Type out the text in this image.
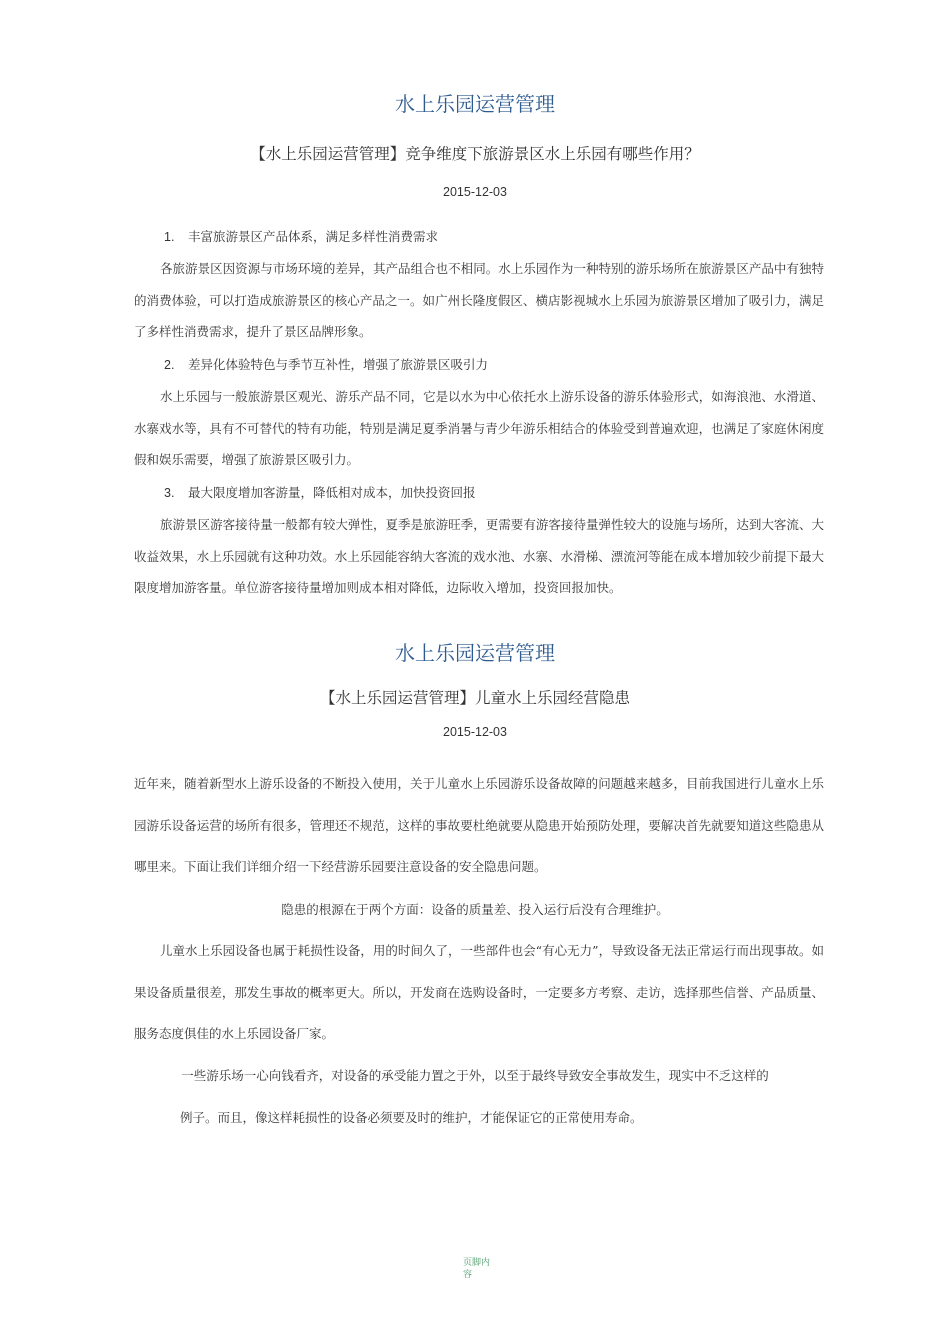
水上乐园运营管理
【水上乐园运营管理】竞争维度下旅游景区水上乐园有哪些作用？
2015-12-03
1. 丰富旅游景区产品体系，满足多样性消费需求
各旅游景区因资源与市场环境的差异，其产品组合也不相同。水上乐园作为一种特别的游乐场所在旅游景区产品中有独特的消费体验，可以打造成旅游景区的核心产品之一。如广州长隆度假区、横店影视城水上乐园为旅游景区增加了吸引力，满足了多样性消费需求，提升了景区品牌形象。
2. 差异化体验特色与季节互补性，增强了旅游景区吸引力
水上乐园与一般旅游景区观光、游乐产品不同，它是以水为中心依托水上游乐设备的游乐体验形式，如海浪池、水滑道、水寨戏水等，具有不可替代的特有功能，特别是满足夏季消暑与青少年游乐相结合的体验受到普遍欢迎，也满足了家庭休闲度假和娱乐需要，增强了旅游景区吸引力。
3. 最大限度增加客游量，降低相对成本，加快投资回报
旅游景区游客接待量一般都有较大弹性，夏季是旅游旺季，更需要有游客接待量弹性较大的设施与场所，达到大客流、大收益效果，水上乐园就有这种功效。水上乐园能容纳大客流的戏水池、水寨、水滑梯、漂流河等能在成本增加较少前提下最大限度增加游客量。单位游客接待量增加则成本相对降低，边际收入增加，投资回报加快。
水上乐园运营管理
【水上乐园运营管理】儿童水上乐园经营隐患
2015-12-03
近年来，随着新型水上游乐设备的不断投入使用，关于儿童水上乐园游乐设备故障的问题越来越多，目前我国进行儿童水上乐园游乐设备运营的场所有很多，管理还不规范，这样的事故要杜绝就要从隐患开始预防处理，要解决首先就要知道这些隐患从哪里来。下面让我们详细介绍一下经营游乐园要注意设备的安全隐患问题。
隐患的根源在于两个方面：设备的质量差、投入运行后没有合理维护。
儿童水上乐园设备也属于耗损性设备，用的时间久了，一些部件也会“有心无力”，导致设备无法正常运行而出现事故。如果设备质量很差，那发生事故的概率更大。所以，开发商在选购设备时，一定要多方考察、走访，选择那些信誉、产品质量、服务态度俱佳的水上乐园设备厂家。
一些游乐场一心向钱看齐，对设备的承受能力置之于外，以至于最终导致安全事故发生，现实中不乏这样的
例子。而且，像这样耗损性的设备必须要及时的维护，才能保证它的正常使用寿命。
页脚内容
